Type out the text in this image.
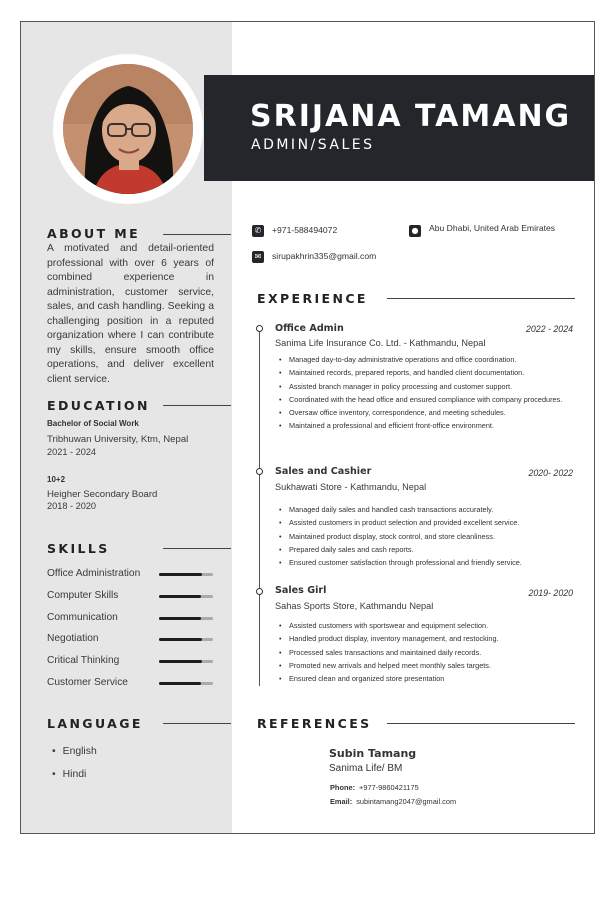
SRIJANA TAMANG
ADMIN/SALES
ABOUT ME
A motivated and detail-oriented professional with over 6 years of combined experience in administration, customer service, sales, and cash handling. Seeking a challenging position in a reputed organization where I can contribute my skills, ensure smooth office operations, and deliver excellent client service.
EDUCATION
Bachelor of Social Work
Tribhuwan University, Ktm, Nepal
2021 - 2024
10+2
Heigher Secondary Board
2018 - 2020
SKILLS
Office Administration
Computer Skills
Communication
Negotiation
Critical Thinking
Customer Service
LANGUAGE
• English
• Hindi
✆	+971-588494072	● Abu Dhabi, United Arab Emirates
✉	sirupakhrin335@gmail.com
EXPERIENCE
Office Admin	2022 - 2024
Sanima Life Insurance Co. Ltd. - Kathmandu, Nepal
• Managed day-to-day administrative operations and office coordination.
• Maintained records, prepared reports, and handled client documentation.
• Assisted branch manager in policy processing and customer support.
• Coordinated with the head office and ensured compliance with company procedures.
• Oversaw office inventory, correspondence, and meeting schedules.
• Maintained a professional and efficient front-office environment.
Sales and Cashier	2020- 2022
Sukhawati Store - Kathmandu, Nepal
• Managed daily sales and handled cash transactions accurately.
• Assisted customers in product selection and provided excellent service.
• Maintained product display, stock control, and store cleanliness.
• Prepared daily sales and cash reports.
• Ensured customer satisfaction through professional and friendly service.
Sales Girl	2019- 2020
Sahas Sports Store, Kathmandu Nepal
• Assisted customers with sportswear and equipment selection.
• Handled product display, inventory management, and restocking.
• Processed sales transactions and maintained daily records.
• Promoted new arrivals and helped meet monthly sales targets.
• Ensured clean and organized store presentation
REFERENCES
Subin Tamang
Sanima Life/ BM
Phone: +977-9860421175
Email: subintamang2047@gmail.com
